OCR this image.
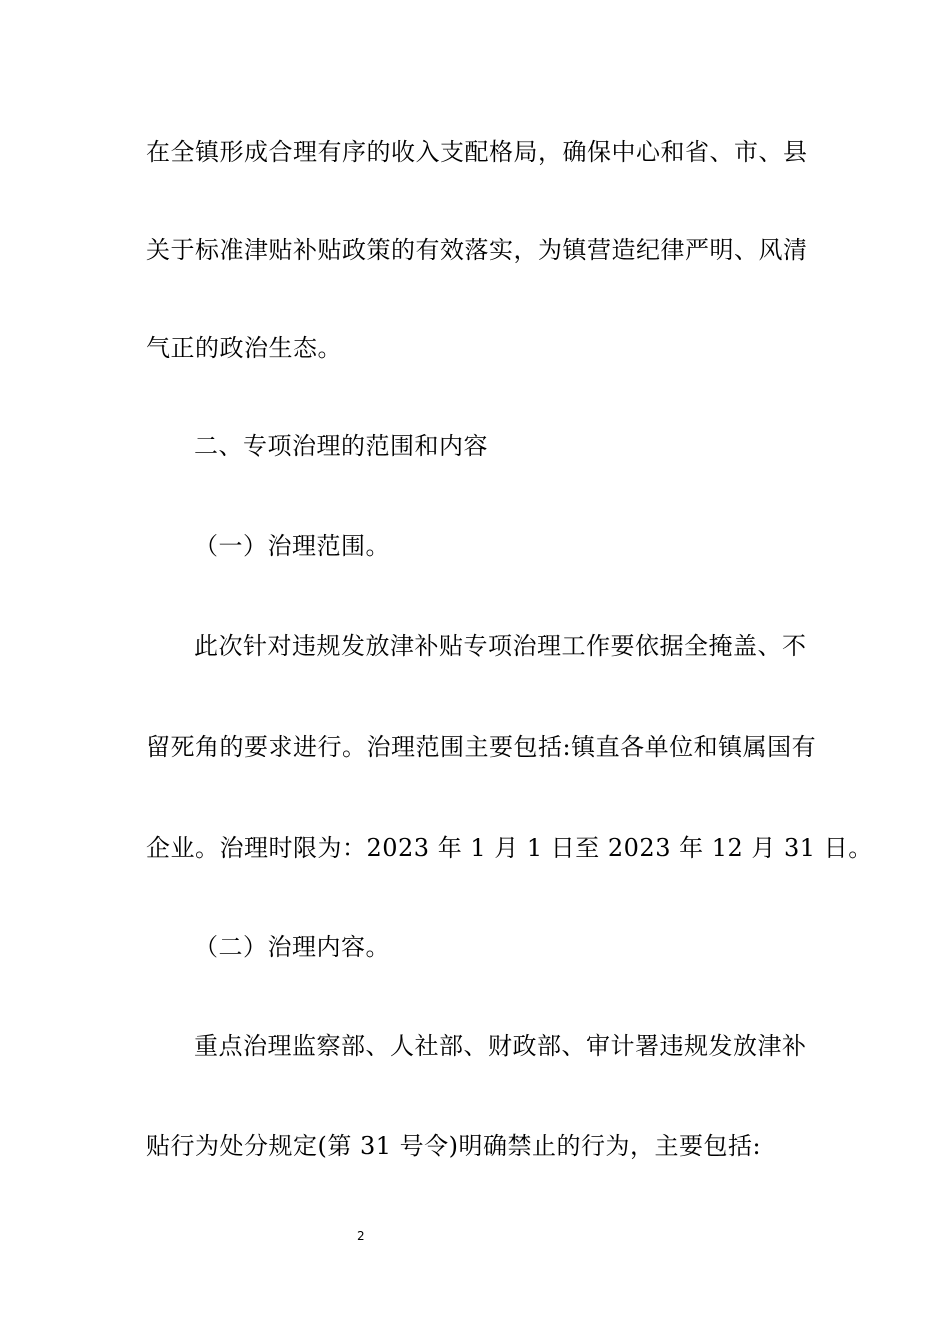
在全镇形成合理有序的收入支配格局，确保中心和省、市、县
关于标准津贴补贴政策的有效落实，为镇营造纪律严明、风清
气正的政治生态。
二、专项治理的范围和内容
（一）治理范围。
此次针对违规发放津补贴专项治理工作要依据全掩盖、不
留死角的要求进行。治理范围主要包括:镇直各单位和镇属国有
企业。治理时限为：2023 年 1 月 1 日至 2023 年 12 月 31 日。
（二）治理内容。
重点治理监察部、人社部、财政部、审计署违规发放津补
贴行为处分规定(第 31 号令)明确禁止的行为，主要包括:
2
